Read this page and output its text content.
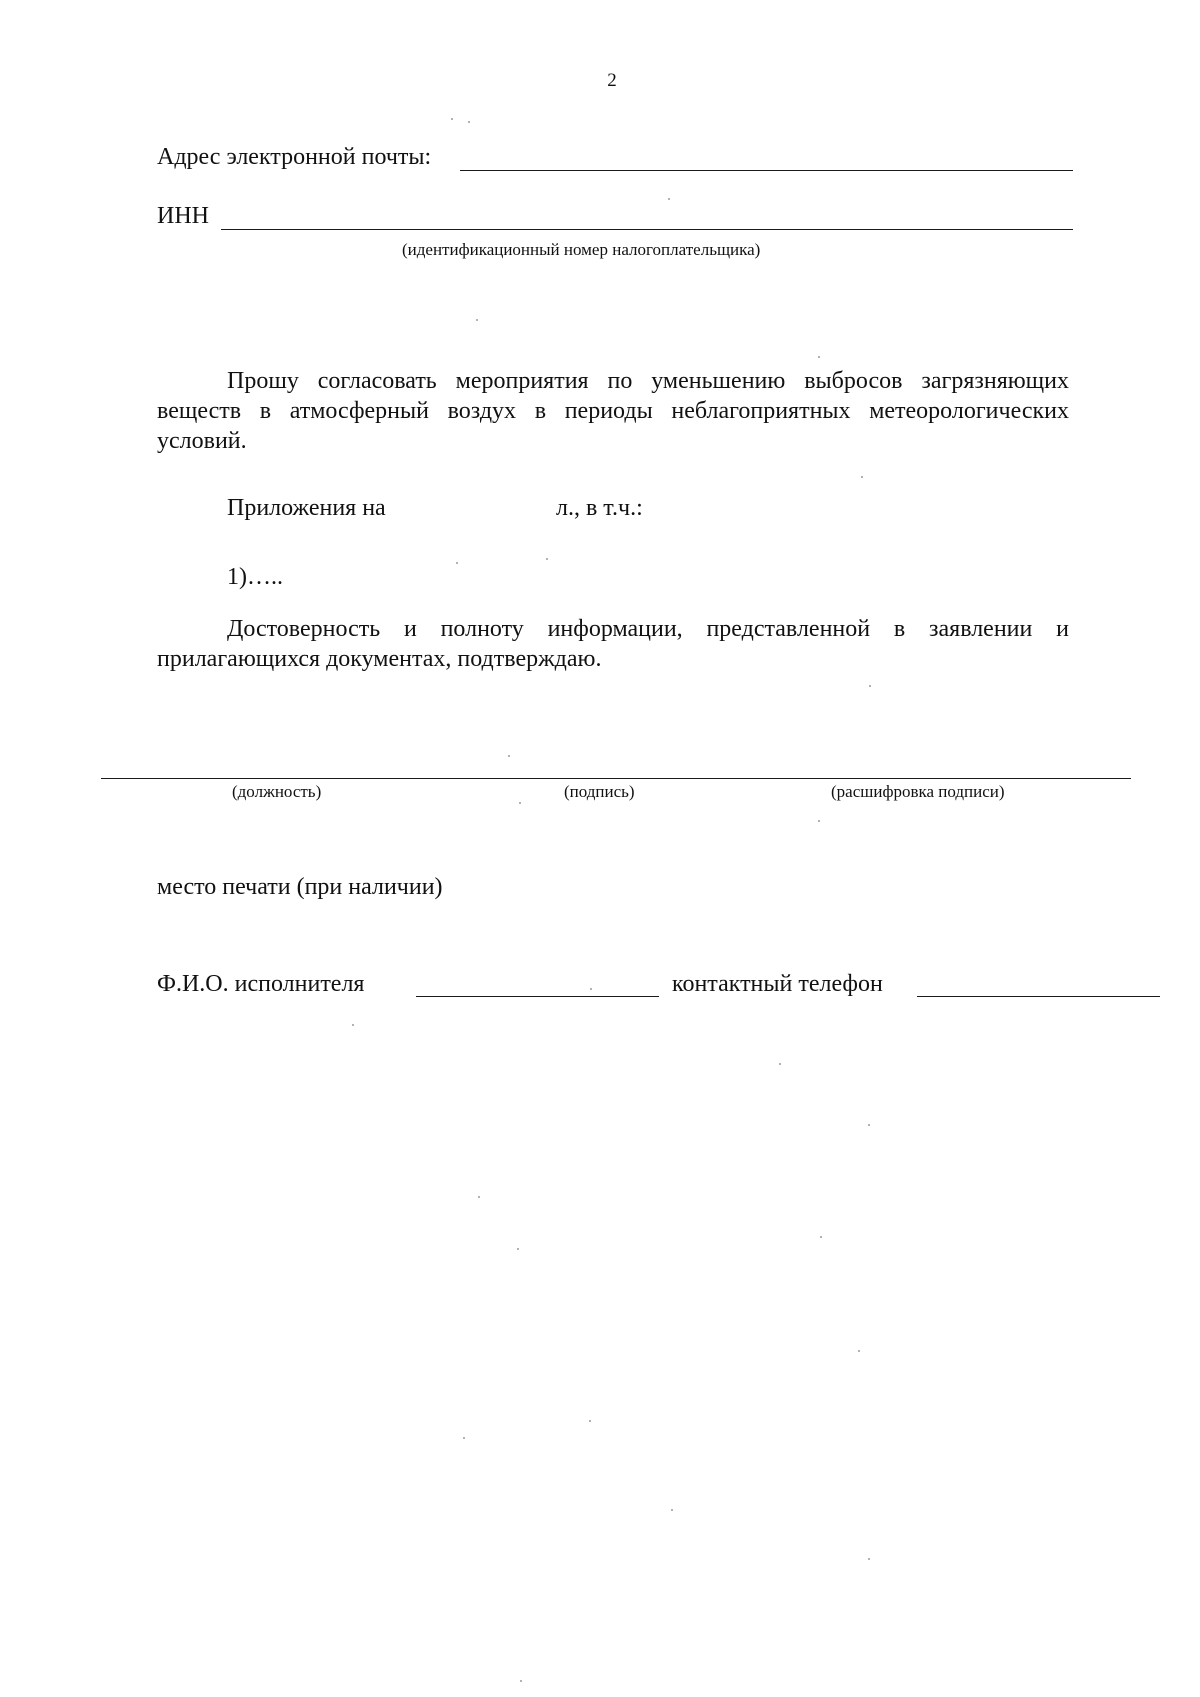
2
Адрес электронной почты:
ИНН
(идентификационный номер налогоплательщика)
Прошу согласовать мероприятия по уменьшению выбросов загрязняющих веществ в атмосферный воздух в периоды неблагоприятных метеорологических условий.
Приложения на	л., в т.ч.:
1)…..
Достоверность и полноту информации, представленной в заявлении и прилагающихся документах, подтверждаю.
(должность)	(подпись)	(расшифровка подписи)
место печати (при наличии)
Ф.И.О. исполнителя	контактный телефон
